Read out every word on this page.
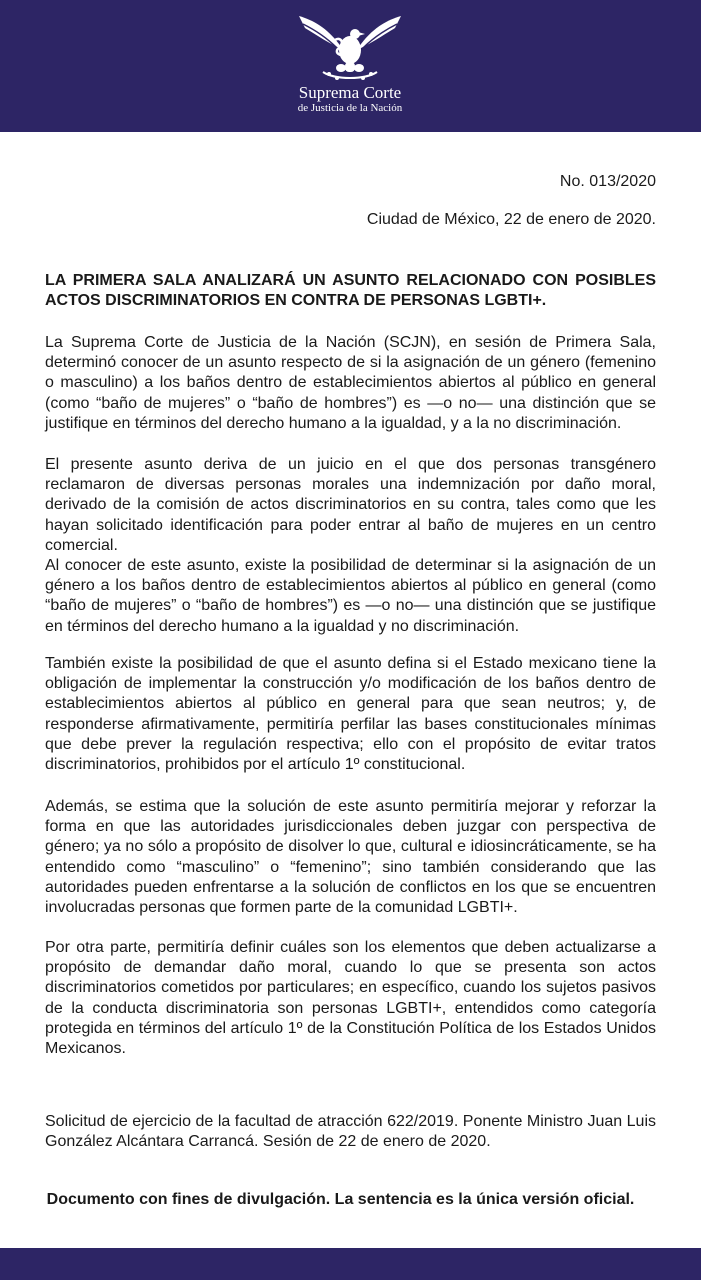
Suprema Corte
de Justicia de la Nación
No. 013/2020
Ciudad de México, 22 de enero de 2020.
LA PRIMERA SALA ANALIZARÁ UN ASUNTO RELACIONADO CON POSIBLES ACTOS DISCRIMINATORIOS EN CONTRA DE PERSONAS LGBTI+.

La Suprema Corte de Justicia de la Nación (SCJN), en sesión de Primera Sala, determinó conocer de un asunto respecto de si la asignación de un género (femenino o masculino) a los baños dentro de establecimientos abiertos al público en general (como “baño de mujeres” o “baño de hombres”) es —o no— una distinción que se justifique en términos del derecho humano a la igualdad, y a la no discriminación.

El presente asunto deriva de un juicio en el que dos personas transgénero reclamaron de diversas personas morales una indemnización por daño moral, derivado de la comisión de actos discriminatorios en su contra, tales como que les hayan solicitado identificación para poder entrar al baño de mujeres en un centro comercial.

Al conocer de este asunto, existe la posibilidad de determinar si la asignación de un género a los baños dentro de establecimientos abiertos al público en general (como “baño de mujeres” o “baño de hombres”) es —o no— una distinción que se justifique en términos del derecho humano a la igualdad y no discriminación.

También existe la posibilidad de que el asunto defina si el Estado mexicano tiene la obligación de implementar la construcción y/o modificación de los baños dentro de establecimientos abiertos al público en general para que sean neutros; y, de responderse afirmativamente, permitiría perfilar las bases constitucionales mínimas que debe prever la regulación respectiva; ello con el propósito de evitar tratos discriminatorios, prohibidos por el artículo 1º constitucional.

Además, se estima que la solución de este asunto permitiría mejorar y reforzar la forma en que las autoridades jurisdiccionales deben juzgar con perspectiva de género; ya no sólo a propósito de disolver lo que, cultural e idiosincráticamente, se ha entendido como “masculino” o “femenino”; sino también considerando que las autoridades pueden enfrentarse a la solución de conflictos en los que se encuentren involucradas personas que formen parte de la comunidad LGBTI+.

Por otra parte, permitiría definir cuáles son los elementos que deben actualizarse a propósito de demandar daño moral, cuando lo que se presenta son actos discriminatorios cometidos por particulares; en específico, cuando los sujetos pasivos de la conducta discriminatoria son personas LGBTI+, entendidos como categoría protegida en términos del artículo 1º de la Constitución Política de los Estados Unidos Mexicanos.

Solicitud de ejercicio de la facultad de atracción 622/2019. Ponente Ministro Juan Luis González Alcántara Carrancá. Sesión de 22 de enero de 2020.

Documento con fines de divulgación. La sentencia es la única versión oficial.
